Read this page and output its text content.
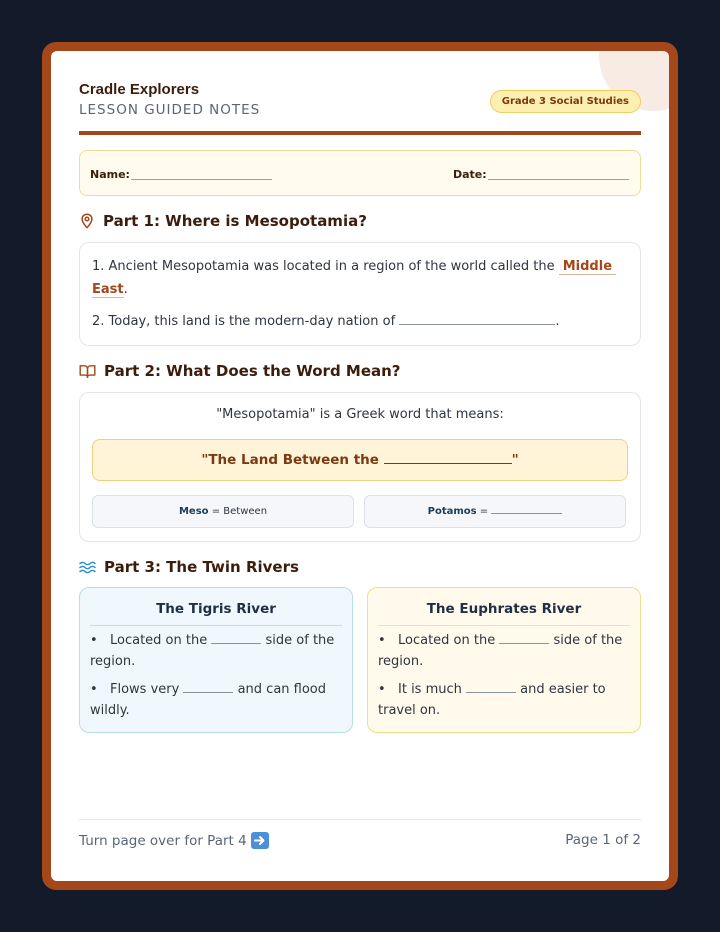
Cradle Explorers
LESSON GUIDED NOTES
Grade 3 Social Studies
Name:	Date:
Part 1: Where is Mesopotamia?
1. Ancient Mesopotamia was located in a region of the world called the Middle
East.
2. Today, this land is the modern-day nation of	.
Part 2: What Does the Word Mean?
"Mesopotamia" is a Greek word that means:
"The Land Between the	"
Meso = Between	Potamos =
Part 3: The Twin Rivers
The Tigris River
• Located on the	side of the
region.
• Flows very	and can flood
wildly.
The Euphrates River
• Located on the	side of the
region.
• It is much	and easier to
travel on.
Turn page over for Part 4	Page 1 of 2
